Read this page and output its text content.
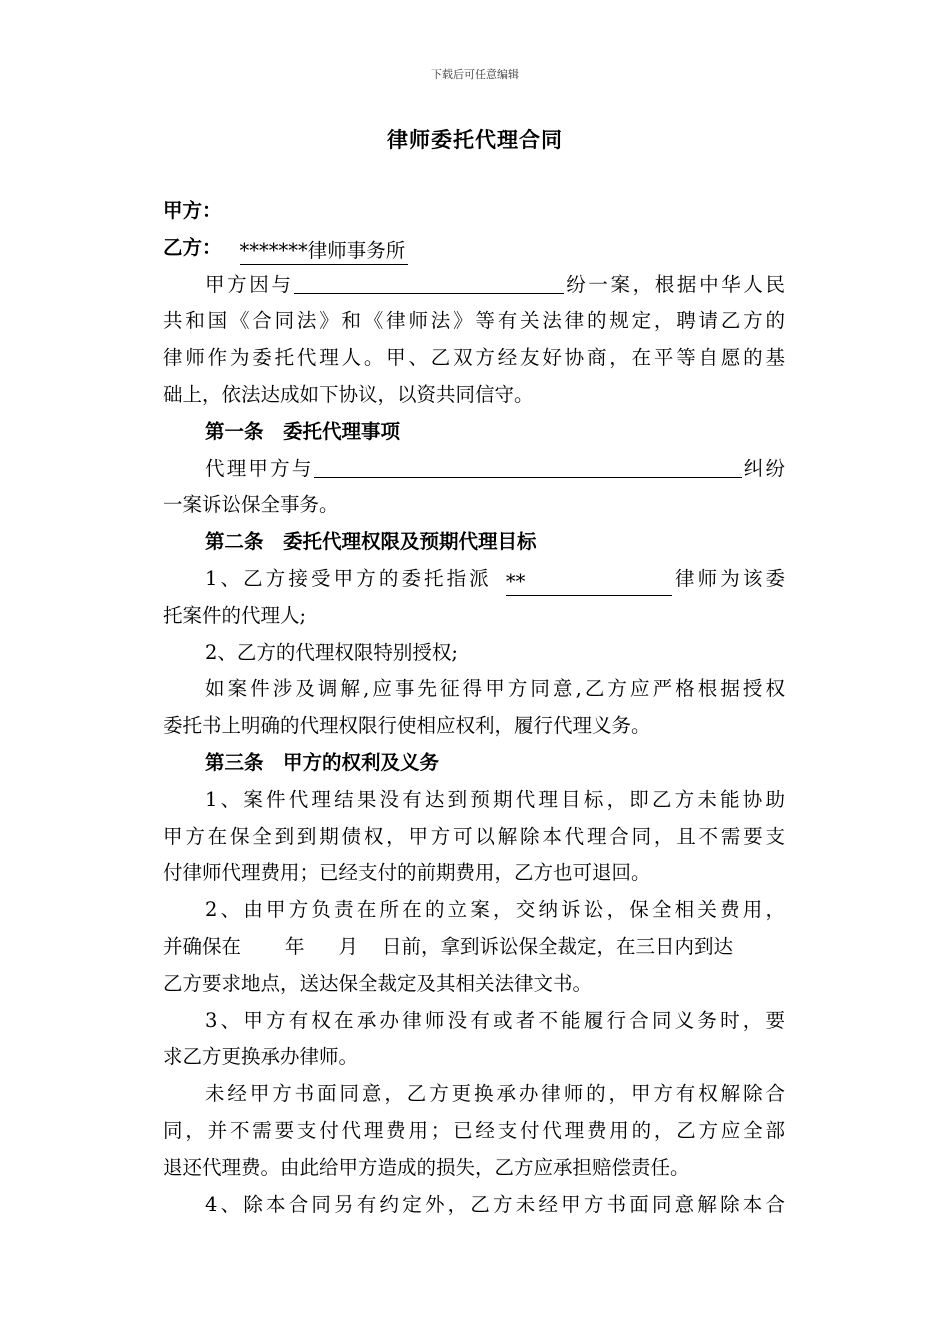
下载后可任意编辑
律师委托代理合同
甲方：
乙方： *******律师事务所
甲方因与	纷一案，根据中华人民
共和国《合同法》和《律师法》等有关法律的规定，聘请乙方的
律师作为委托代理人。甲、乙双方经友好协商，在平等自愿的基
础上，依法达成如下协议，以资共同信守。
第一条　委托代理事项
代理甲方与	纠纷
一案诉讼保全事务。
第二条　委托代理权限及预期代理目标
1、乙方接受甲方的委托指派 **	律师为该委
托案件的代理人;
2、乙方的代理权限特别授权;
如案件涉及调解,应事先征得甲方同意,乙方应严格根据授权
委托书上明确的代理权限行使相应权利，履行代理义务。
第三条　甲方的权利及义务
1、案件代理结果没有达到预期代理目标，即乙方未能协助
甲方在保全到到期债权，甲方可以解除本代理合同，且不需要支
付律师代理费用；已经支付的前期费用，乙方也可退回。
2、由甲方负责在所在的立案，交纳诉讼，保全相关费用，
并确保在 年 月 日前，拿到诉讼保全裁定，在三日内到达
乙方要求地点，送达保全裁定及其相关法律文书。
3、甲方有权在承办律师没有或者不能履行合同义务时，要
求乙方更换承办律师。
未经甲方书面同意，乙方更换承办律师的，甲方有权解除合
同，并不需要支付代理费用；已经支付代理费用的，乙方应全部
退还代理费。由此给甲方造成的损失，乙方应承担赔偿责任。
4、除本合同另有约定外，乙方未经甲方书面同意解除本合
